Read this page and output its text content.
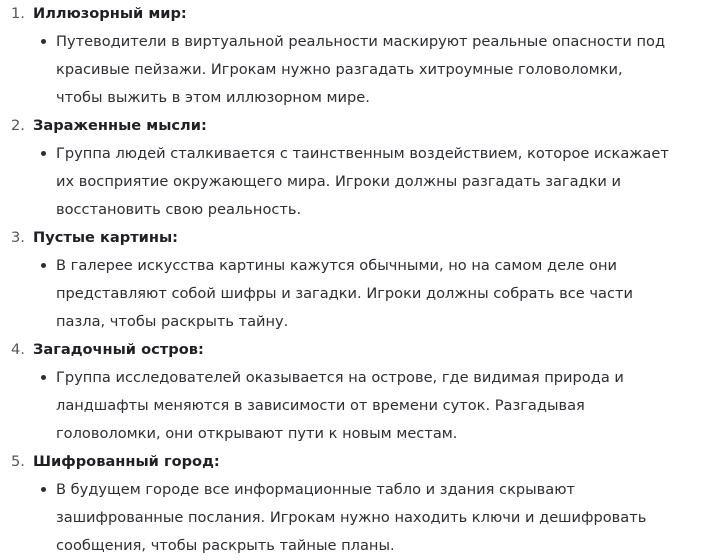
1. Иллюзорный мир:
Путеводители в виртуальной реальности маскируют реальные опасности под
красивые пейзажи. Игрокам нужно разгадать хитроумные головоломки,
чтобы выжить в этом иллюзорном мире.
2. Зараженные мысли:
Группа людей сталкивается с таинственным воздействием, которое искажает
их восприятие окружающего мира. Игроки должны разгадать загадки и
восстановить свою реальность.
3. Пустые картины:
В галерее искусства картины кажутся обычными, но на самом деле они
представляют собой шифры и загадки. Игроки должны собрать все части
пазла, чтобы раскрыть тайну.
4. Загадочный остров:
Группа исследователей оказывается на острове, где видимая природа и
ландшафты меняются в зависимости от времени суток. Разгадывая
головоломки, они открывают пути к новым местам.
5. Шифрованный город:
В будущем городе все информационные табло и здания скрывают
зашифрованные послания. Игрокам нужно находить ключи и дешифровать
сообщения, чтобы раскрыть тайные планы.
